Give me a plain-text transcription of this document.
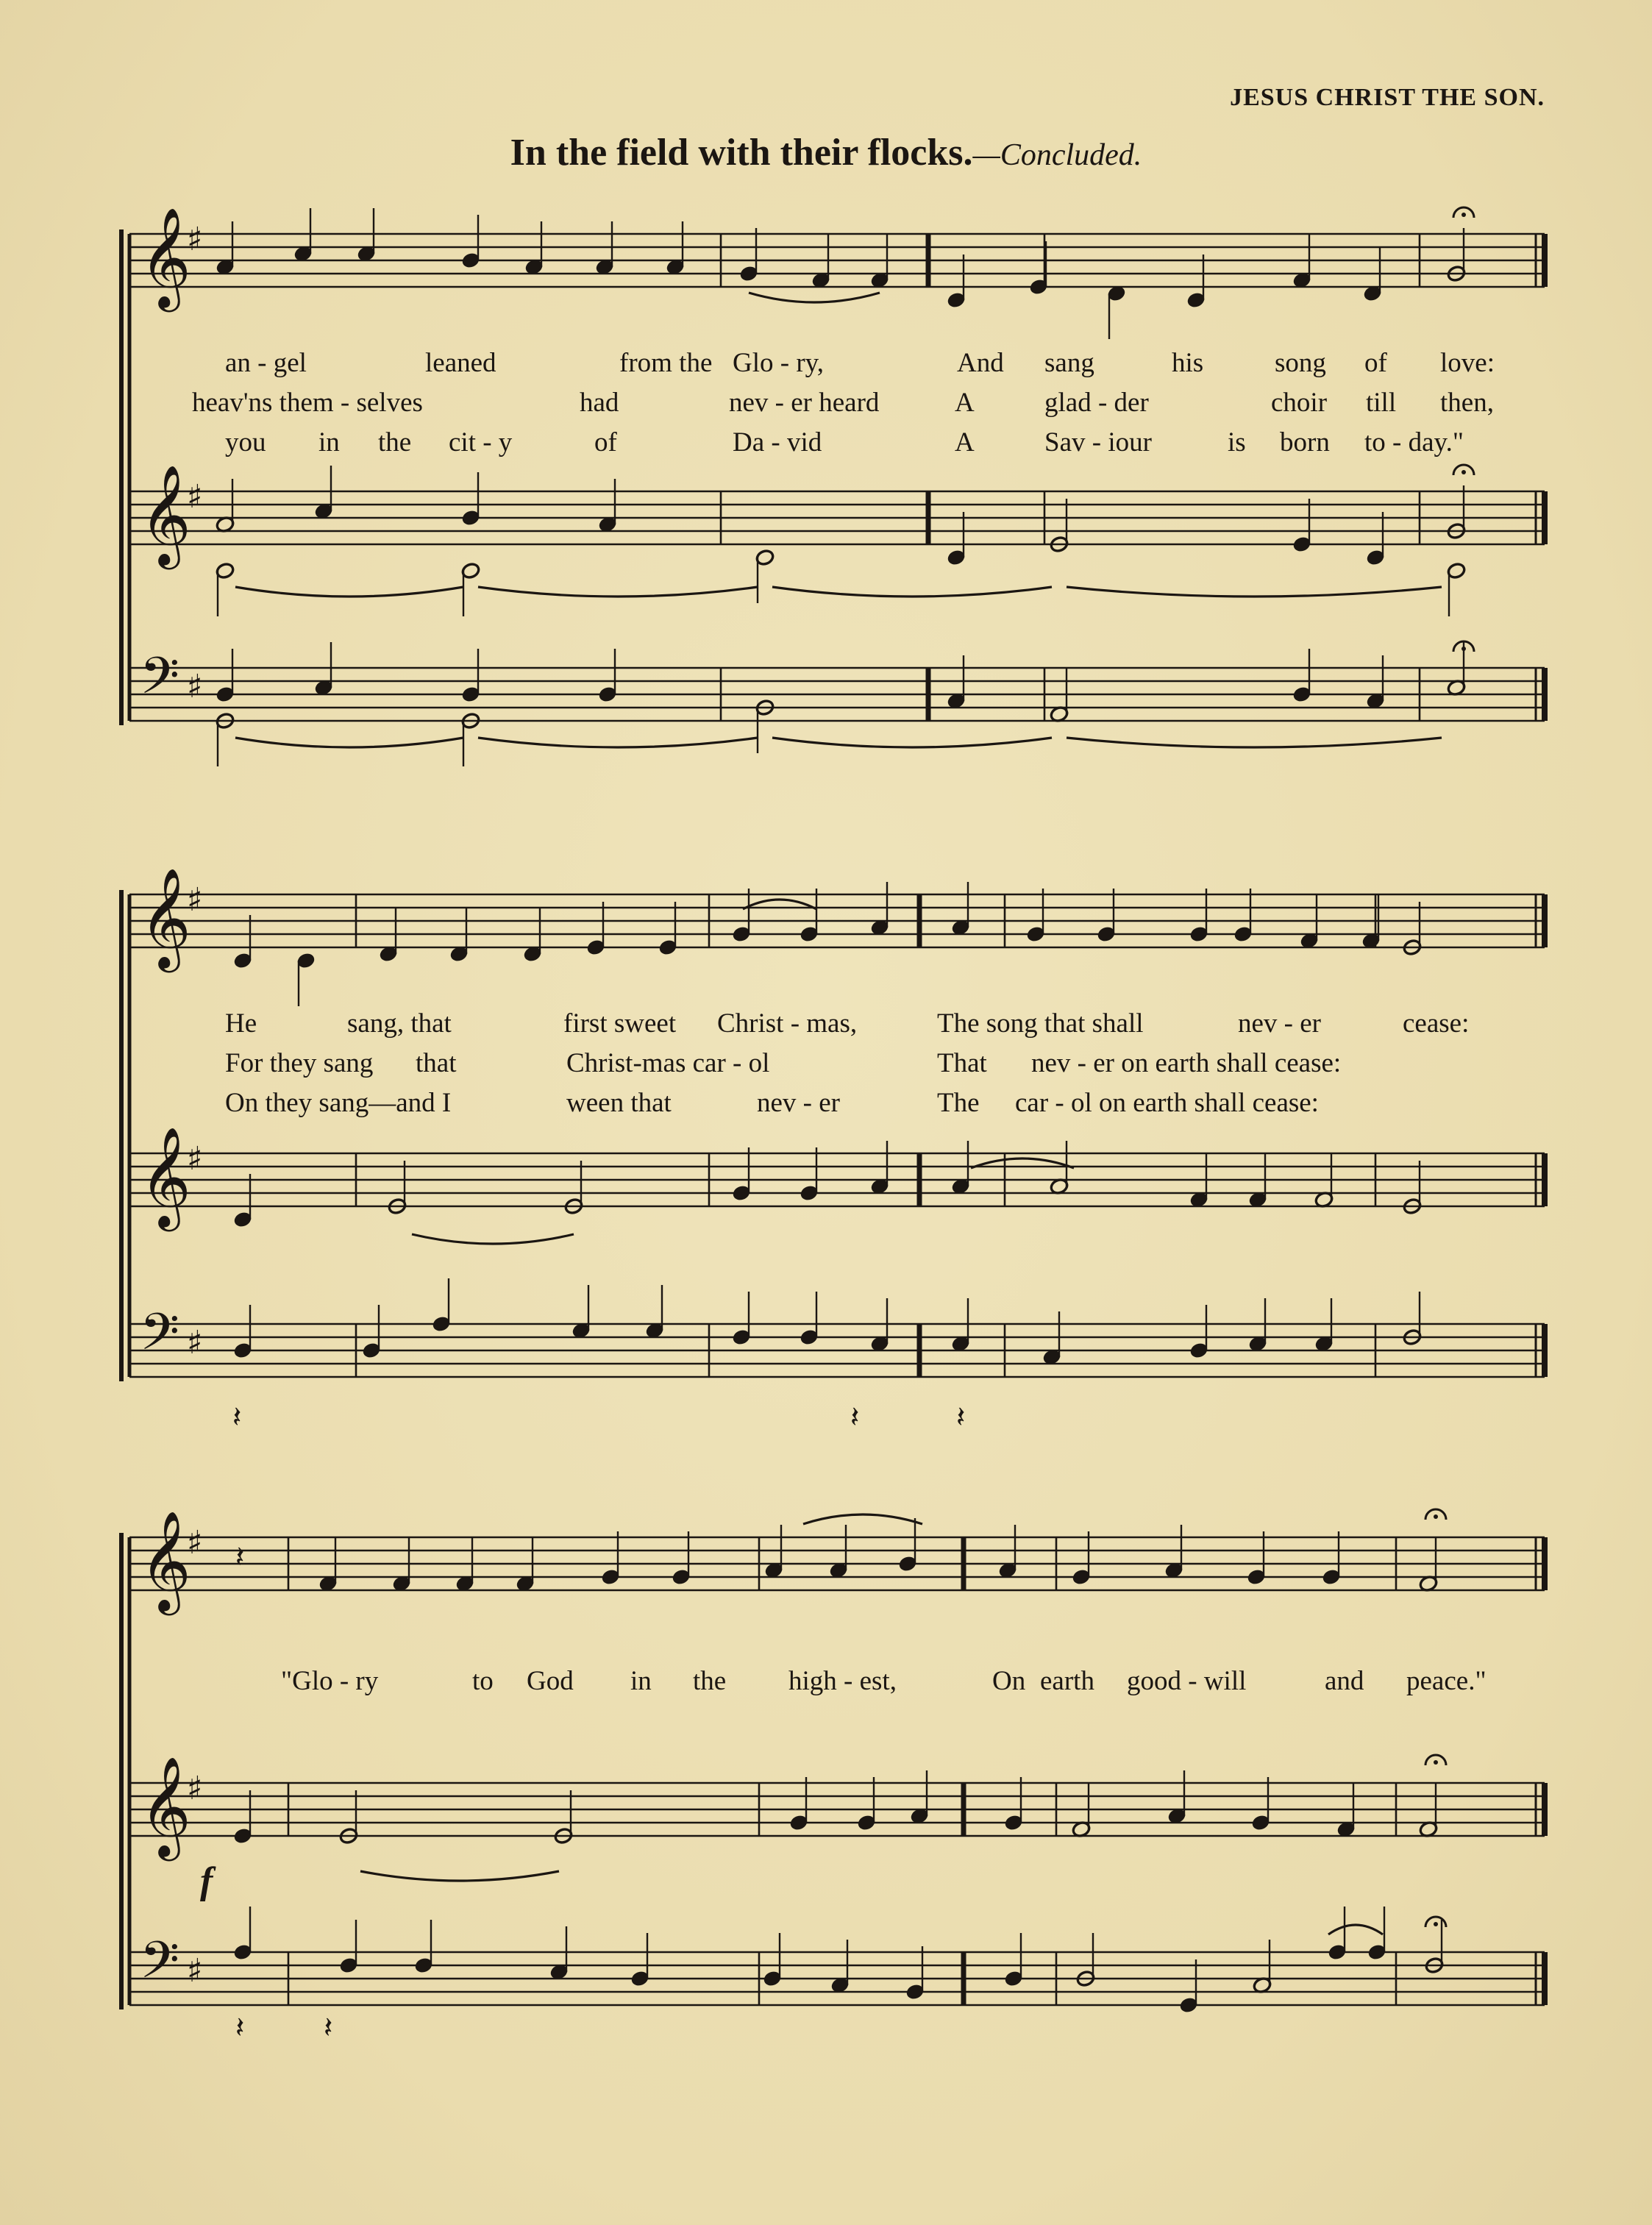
JESUS CHRIST THE SON.
In the field with their flocks.—Concluded.
𝄞
♯
𝄞
♯
𝄢 ♯
𝄞
♯
𝄞
♯
𝄢 ♯
𝄽	𝄽	𝄽
𝄞
♯
𝄞
♯
𝄢 ♯
𝄽
𝄽	𝄽
an - gel	leaned	from the Glo - ry,	And sang	his	song of love:
heav'ns them - selves	had	nev - er heard	A	glad - der	choir till then,
you in the cit - y	of	Da - vid	A	Sav - iour	is born to - day."
He	sang, that	first sweet Christ - mas,	The song that shall	nev - er	cease:
For they sang that	Christ-mas car - ol	That nev - er on earth shall cease:
On they sang—and I	ween that	nev - er	The car - ol on earth shall cease:
"Glo - ry	to God in the high - est,	On earth good - will	and peace."
f
